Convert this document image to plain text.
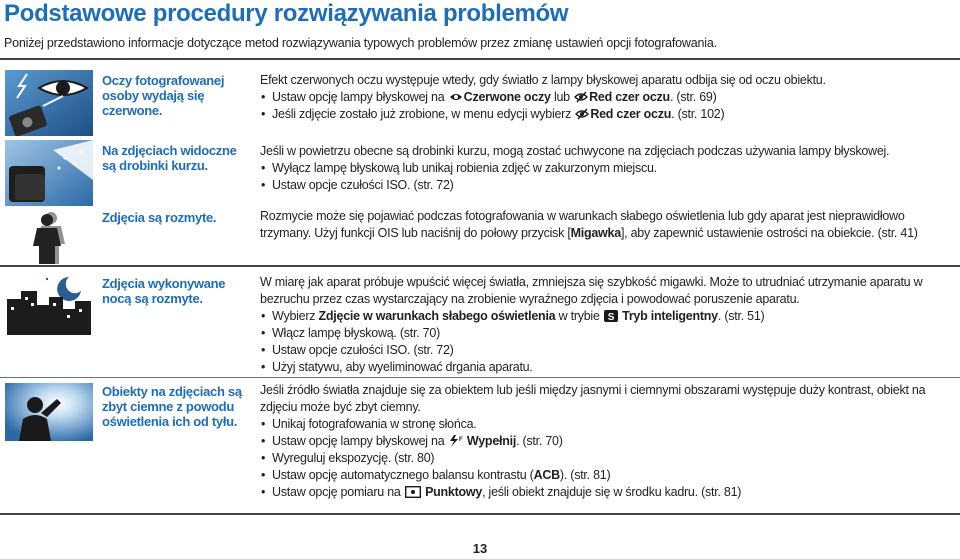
Podstawowe procedury rozwiązywania problemów

Poniżej przedstawiono informacje dotyczące metod rozwiązywania typowych problemów przez zmianę ustawień opcji fotografowania.

Oczy fotografowanej osoby wydają się czerwone.

Efekt czerwonych oczu występuje wtedy, gdy światło z lampy błyskowej aparatu odbija się od oczu obiektu.

• Ustaw opcję lampy błyskowej na Czerwone oczy lub Red czer oczu. (str. 69)
• Jeśli zdjęcie zostało już zrobione, w menu edycji wybierz Red czer oczu. (str. 102)
Na zdjęciach widoczne są drobinki kurzu.

Jeśli w powietrzu obecne są drobinki kurzu, mogą zostać uchwycone na zdjęciach podczas używania lampy błyskowej.

• Wyłącz lampę błyskową lub unikaj robienia zdjęć w zakurzonym miejscu.
• Ustaw opcje czułości ISO. (str. 72)
Zdjęcia są rozmyte.	Rozmycie może się pojawiać podczas fotografowania w warunkach słabego oświetlenia lub gdy aparat jest nieprawidłowo trzymany. Użyj funkcji OIS lub naciśnij do połowy przycisk [Migawka], aby zapewnić ustawienie ostrości na obiekcie. (str. 41)

Zdjęcia wykonywane nocą są rozmyte.

W miarę jak aparat próbuje wpuścić więcej światła, zmniejsza się szybkość migawki. Może to utrudniać utrzymanie aparatu w bezruchu przez czas wystarczający na zrobienie wyraźnego zdjęcia i powodować poruszenie aparatu.

• Wybierz Zdjęcie w warunkach słabego oświetlenia w trybie S Tryb inteligentny. (str. 51)
• Włącz lampę błyskową. (str. 70)
• Ustaw opcje czułości ISO. (str. 72)
• Użyj statywu, aby wyeliminować drgania aparatu.
Obiekty na zdjęciach są zbyt ciemne z powodu oświetlenia ich od tyłu.

Jeśli źródło światła znajduje się za obiektem lub jeśli między jasnymi i ciemnymi obszarami występuje duży kontrast, obiekt na zdjęciu może być zbyt ciemny.

• Unikaj fotografowania w stronę słońca.
• Ustaw opcję lampy błyskowej na F Wypełnij. (str. 70)
• Wyreguluj ekspozycję. (str. 80)
• Ustaw opcję automatycznego balansu kontrastu (ACB). (str. 81)
• Ustaw opcję pomiaru na  Punktowy, jeśli obiekt znajduje się w środku kadru. (str. 81)
13
